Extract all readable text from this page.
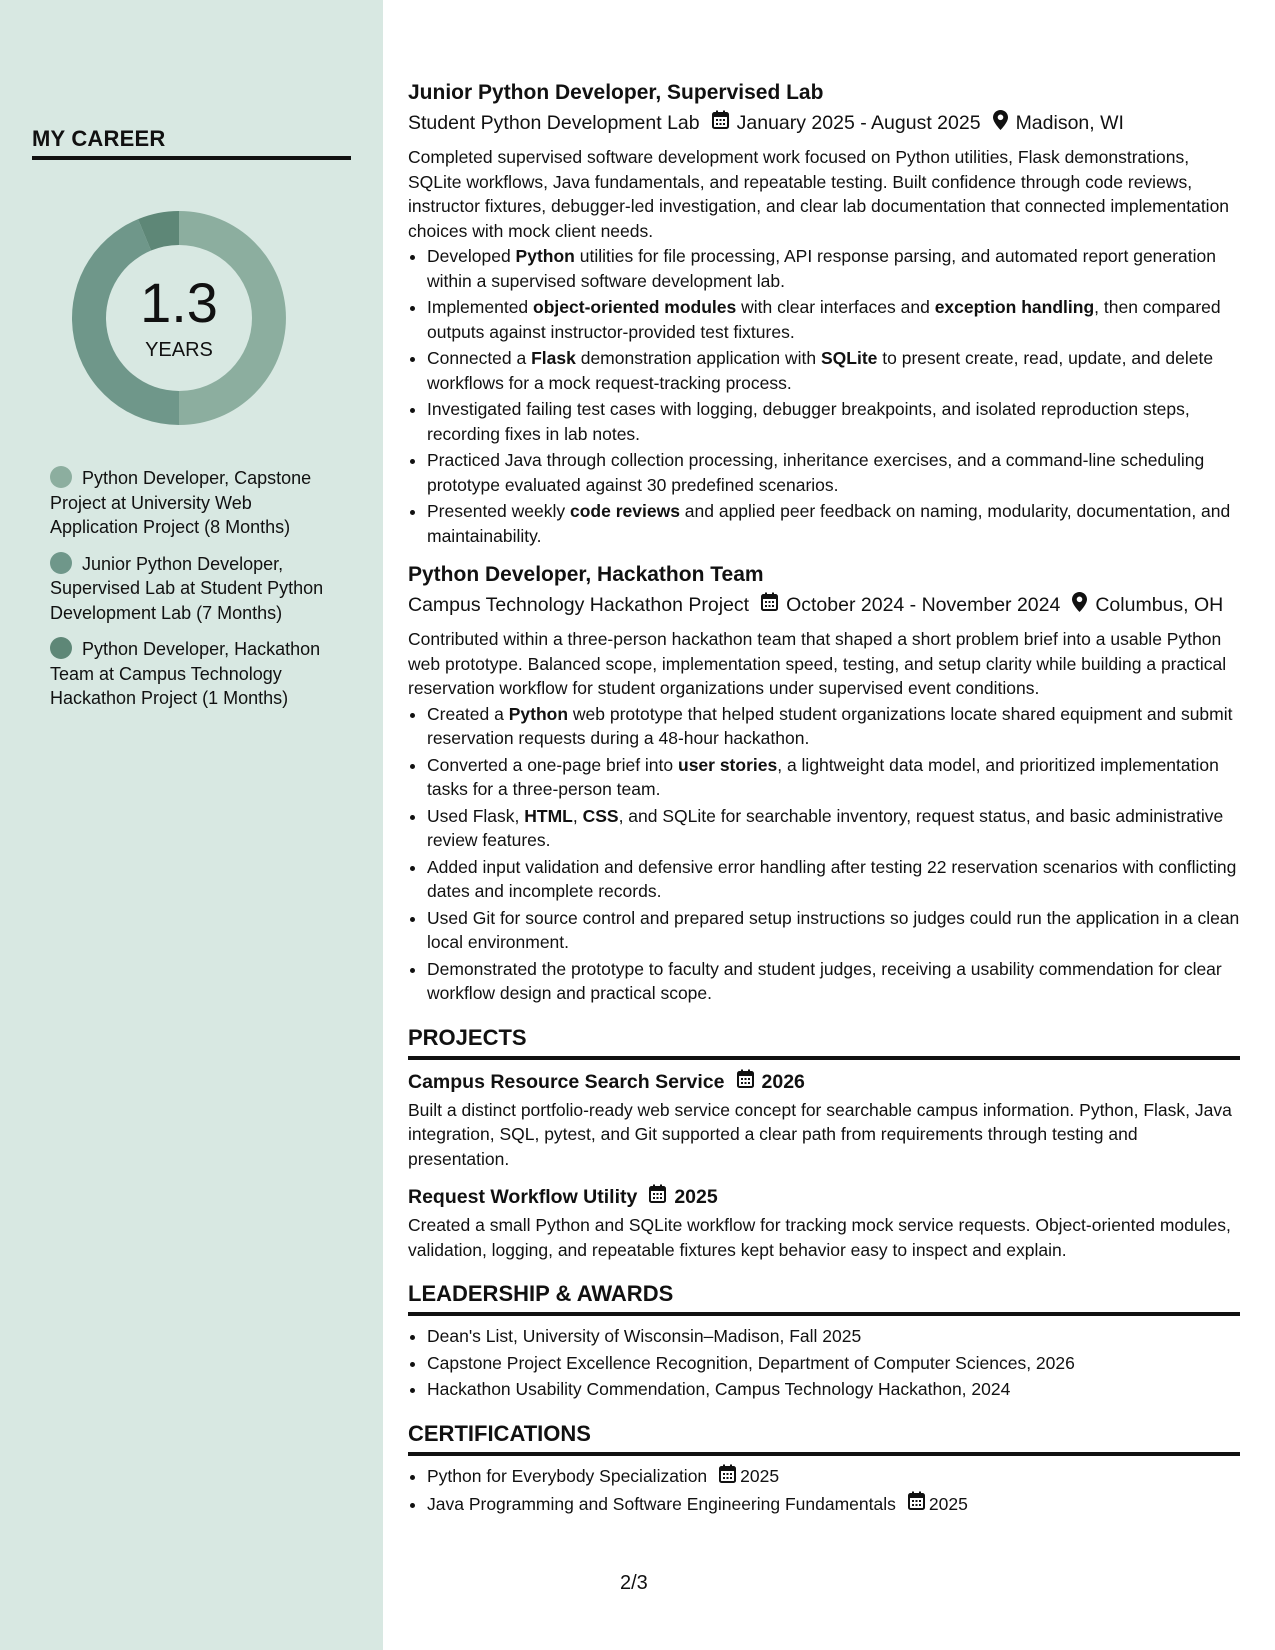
MY CAREER
1.3
YEARS
Python Developer, Capstone Project at University Web Application Project (8 Months)
Junior Python Developer, Supervised Lab at Student Python Development Lab (7 Months)
Python Developer, Hackathon Team at Campus Technology Hackathon Project (1 Months)
Junior Python Developer, Supervised Lab
Student Python Development Lab January 2025 - August 2025 Madison, WI

Completed supervised software development work focused on Python utilities, Flask demonstrations, SQLite workflows, Java fundamentals, and repeatable testing. Built confidence through code reviews, instructor fixtures, debugger-led investigation, and clear lab documentation that connected implementation choices with mock client needs.

• Developed Python utilities for file processing, API response parsing, and automated report generation within a supervised software development lab.
• Implemented object-oriented modules with clear interfaces and exception handling, then compared outputs against instructor-provided test fixtures.
• Connected a Flask demonstration application with SQLite to present create, read, update, and delete workflows for a mock request-tracking process.
• Investigated failing test cases with logging, debugger breakpoints, and isolated reproduction steps, recording fixes in lab notes.
• Practiced Java through collection processing, inheritance exercises, and a command-line scheduling prototype evaluated against 30 predefined scenarios.
• Presented weekly code reviews and applied peer feedback on naming, modularity, documentation, and maintainability.
Python Developer, Hackathon Team
Campus Technology Hackathon Project October 2024 - November 2024 Columbus, OH

Contributed within a three-person hackathon team that shaped a short problem brief into a usable Python web prototype. Balanced scope, implementation speed, testing, and setup clarity while building a practical reservation workflow for student organizations under supervised event conditions.

• Created a Python web prototype that helped student organizations locate shared equipment and submit reservation requests during a 48-hour hackathon.
• Converted a one-page brief into user stories, a lightweight data model, and prioritized implementation tasks for a three-person team.
• Used Flask, HTML, CSS, and SQLite for searchable inventory, request status, and basic administrative review features.
• Added input validation and defensive error handling after testing 22 reservation scenarios with conflicting dates and incomplete records.
• Used Git for source control and prepared setup instructions so judges could run the application in a clean local environment.
• Demonstrated the prototype to faculty and student judges, receiving a usability commendation for clear workflow design and practical scope.
PROJECTS
Campus Resource Search Service 2026

Built a distinct portfolio-ready web service concept for searchable campus information. Python, Flask, Java integration, SQL, pytest, and Git supported a clear path from requirements through testing and presentation.

Request Workflow Utility 2025

Created a small Python and SQLite workflow for tracking mock service requests. Object-oriented modules, validation, logging, and repeatable fixtures kept behavior easy to inspect and explain.

LEADERSHIP & AWARDS
• Dean's List, University of Wisconsin–Madison, Fall 2025
• Capstone Project Excellence Recognition, Department of Computer Sciences, 2026
• Hackathon Usability Commendation, Campus Technology Hackathon, 2024
CERTIFICATIONS
• Python for Everybody Specialization 2025
• Java Programming and Software Engineering Fundamentals 2025
2/3
